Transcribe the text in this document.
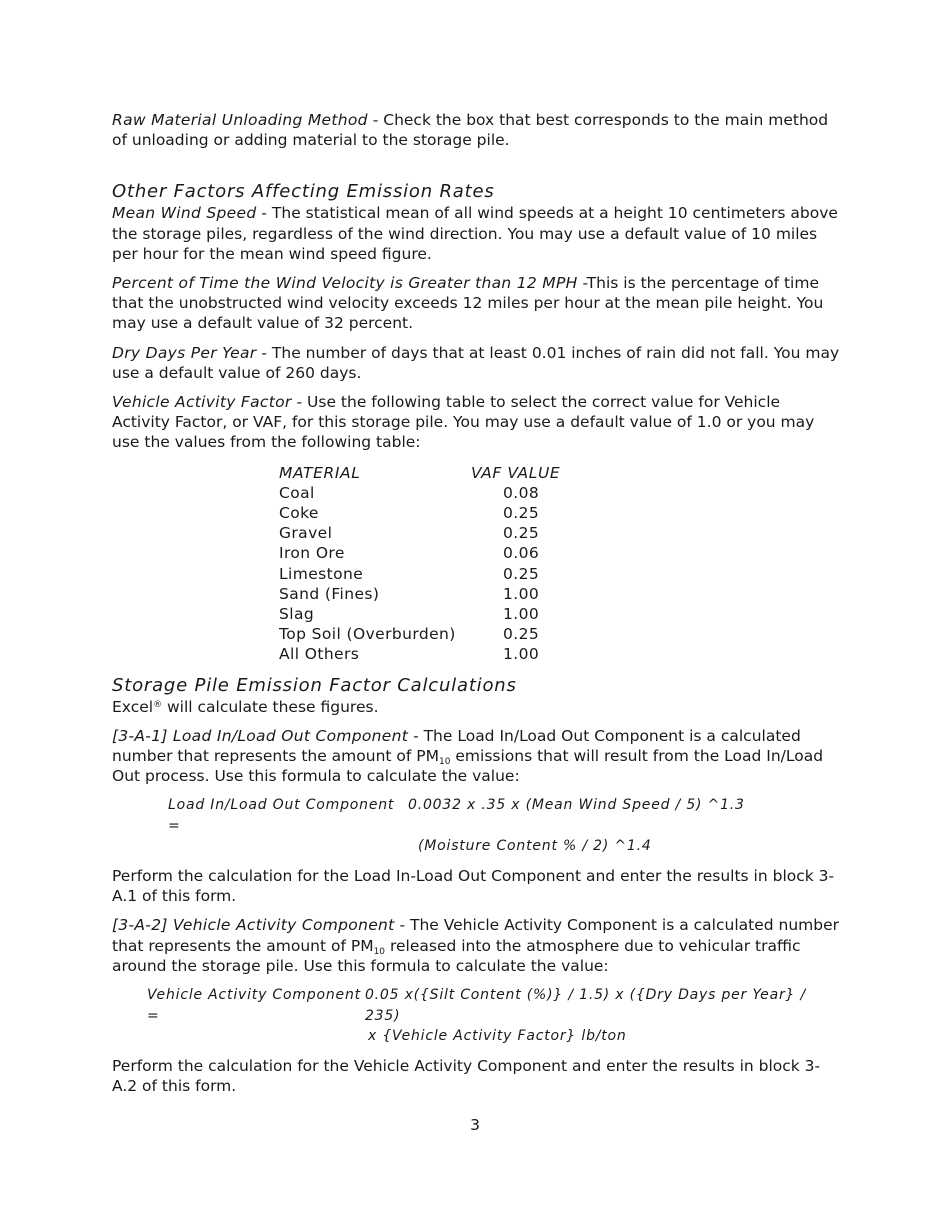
Raw Material Unloading Method - Check the box that best corresponds to the main method of unloading or adding material to the storage pile.

Other Factors Affecting Emission Rates

Mean Wind Speed - The statistical mean of all wind speeds at a height 10 centimeters above the storage piles, regardless of the wind direction. You may use a default value of 10 miles per hour for the mean wind speed figure.

Percent of Time the Wind Velocity is Greater than 12 MPH -This is the percentage of time that the unobstructed wind velocity exceeds 12 miles per hour at the mean pile height. You may use a default value of 32 percent.

Dry Days Per Year - The number of days that at least 0.01 inches of rain did not fall. You may use a default value of 260 days.

Vehicle Activity Factor - Use the following table to select the correct value for Vehicle Activity Factor, or VAF, for this storage pile. You may use a default value of 1.0 or you may use the values from the following table:

MATERIAL	VAF VALUE
Coal	0.08
Coke	0.25
Gravel	0.25
Iron Ore	0.06
Limestone	0.25
Sand (Fines)	1.00
Slag	1.00
Top Soil (Overburden)	0.25
All Others	1.00
Storage Pile Emission Factor Calculations

Excel® will calculate these figures.

[3-A-1] Load In/Load Out Component - The Load In/Load Out Component is a calculated number that represents the amount of $PM_{10}$ emissions that will result from the Load In/Load Out process. Use this formula to calculate the value:

Load In/Load Out Component =
0.0032 x .35 x (Mean Wind Speed / 5) ^1.3
(Moisture Content % / 2) ^1.4

Perform the calculation for the Load In-Load Out Component and enter the results in block 3-A.1 of this form.

[3-A-2] Vehicle Activity Component - The Vehicle Activity Component is a calculated number that represents the amount of $PM_{10}$ released into the atmosphere due to vehicular traffic around the storage pile. Use this formula to calculate the value:

Vehicle Activity Component =
0.05 x({Silt Content (%)} / 1.5) x ({Dry Days per Year} / 235)
x {Vehicle Activity Factor} lb/ton

Perform the calculation for the Vehicle Activity Component and enter the results in block 3-A.2 of this form.

3
